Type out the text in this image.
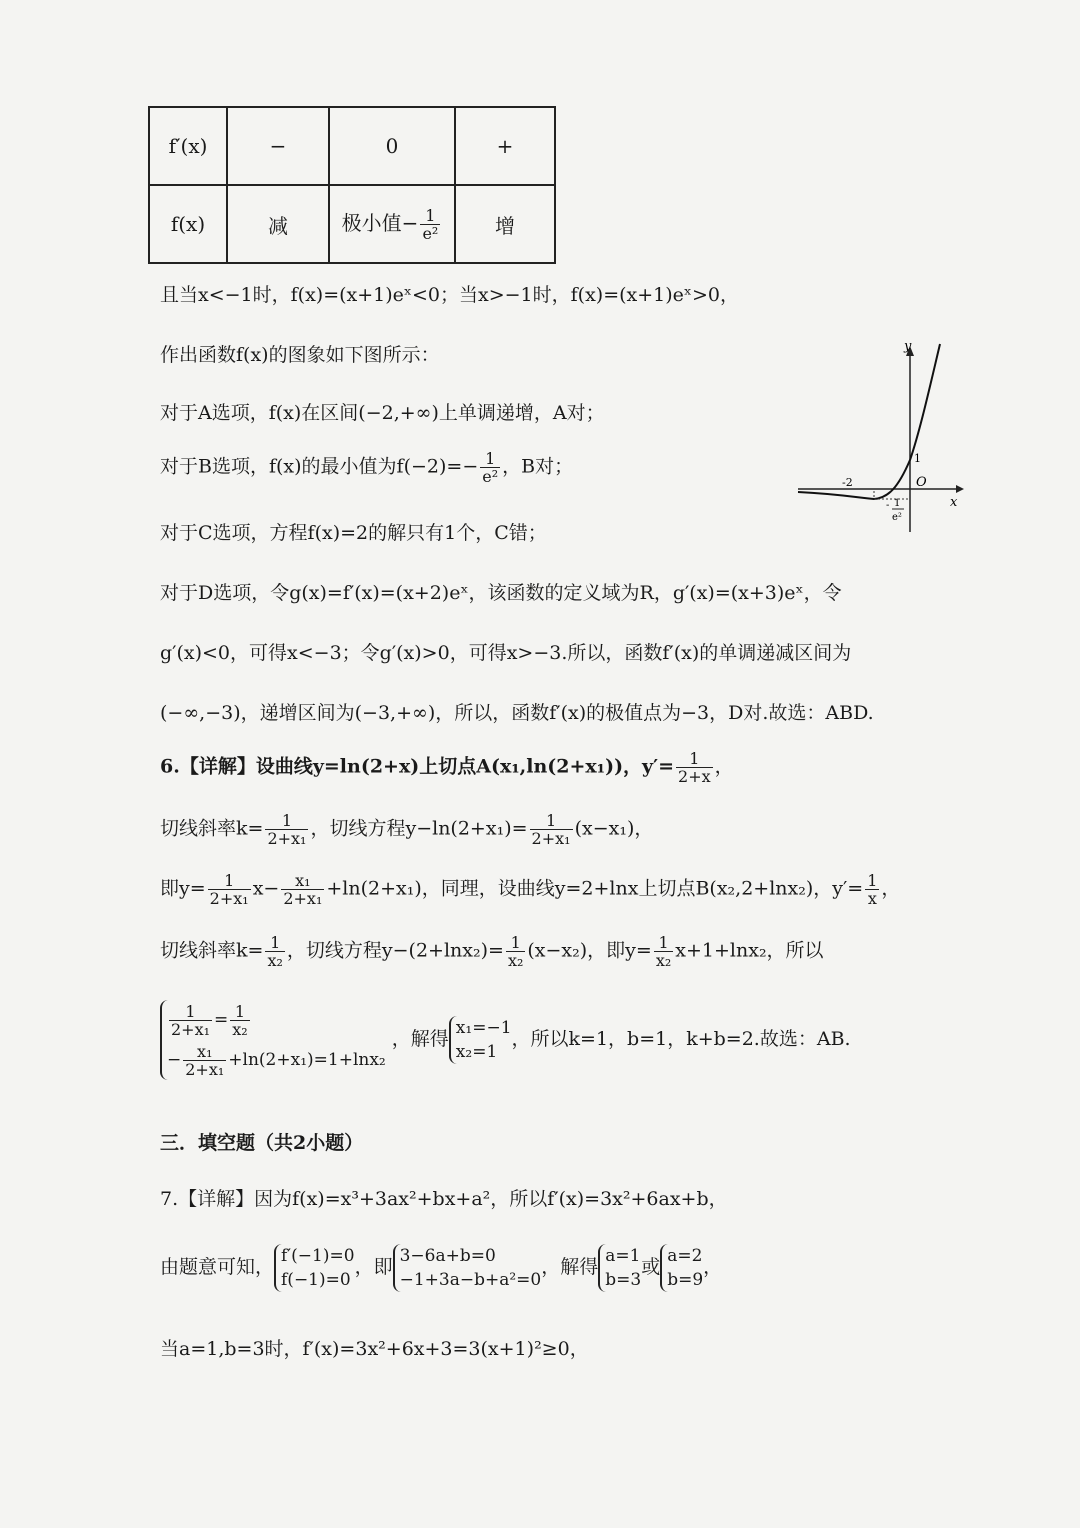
f′(x)	−	0	+
f(x)	减	极小值− $\frac{1}{\text{e²}}$	增
且当x<−1时，f(x)=(x+1)eˣ<0；当x>−1时，f(x)=(x+1)eˣ>0，
作出函数f(x)的图象如下图所示：
对于A选项，f(x)在区间(−2,+∞)上单调递增，A对；
对于B选项，f(x)的最小值为$f(-2)=- \frac{1}{\text{e²}}$ ，B对；
对于C选项，方程f(x)=2的解只有1个，C错；
对于D选项，令g(x)=f′(x)=(x+2)eˣ，该函数的定义域为R，g′(x)=(x+3)eˣ，令
g′(x)<0，可得x<−3；令g′(x)>0，可得x>−3.所以，函数f′(x)的单调递减区间为
(−∞,−3)，递增区间为(−3,+∞)，所以，函数f′(x)的极值点为−3，D对.故选：ABD.
6.【详解】设曲线y=ln(2+x)上切点A(x₁,ln(2+x₁))，$y'= \frac{1}{2+x}$ ，
切线斜率$k= \frac{1}{\text{2+x₁}}$ ，切线方程$y-\ln(2+x_1)= \frac{1}{\text{2+x₁}} (x-x_1)$，
即$y= \frac{1}{\text{2+x₁}} x- \frac{\text{x₁}}{\text{2+x₁}} +\ln(2+x_1)$，同理，设曲线y=2+lnx上切点B(x₂,2+lnx₂)，$y'= \frac{1}{x}$ ，
切线斜率$k= \frac{1}{\text{x₂}}$ ，切线方程$y-(2+\ln x_2)= \frac{1}{\text{x₂}} (x-x_2)$，即$y= \frac{1}{\text{x₂}} x+1+\ln x_2$，所以
$\frac{1}{\text{2+x₁}} = \frac{1}{\text{x₂}}$
− $\frac{\text{x₁}}{\text{2+x₁}} +\ln(2+x_1)=1+\ln x_2$
，解得 x₁=−1
x₂=1
，所以k=1，b=1，k+b=2.故选：AB.
三．填空题（共2小题）
7.【详解】因为f(x)=x³+3ax²+bx+a²，所以f′(x)=3x²+6ax+b，
由题意可知， f′(−1)=0
f(−1)=0
，即 3−6a+b=0
−1+3a−b+a²=0
，解得 a=1
b=3
或 a=2
b=9
，
当a=1,b=3时，f′(x)=3x²+6x+3=3(x+1)²≥0，
y
x
O
-2
1
- 1
e²
